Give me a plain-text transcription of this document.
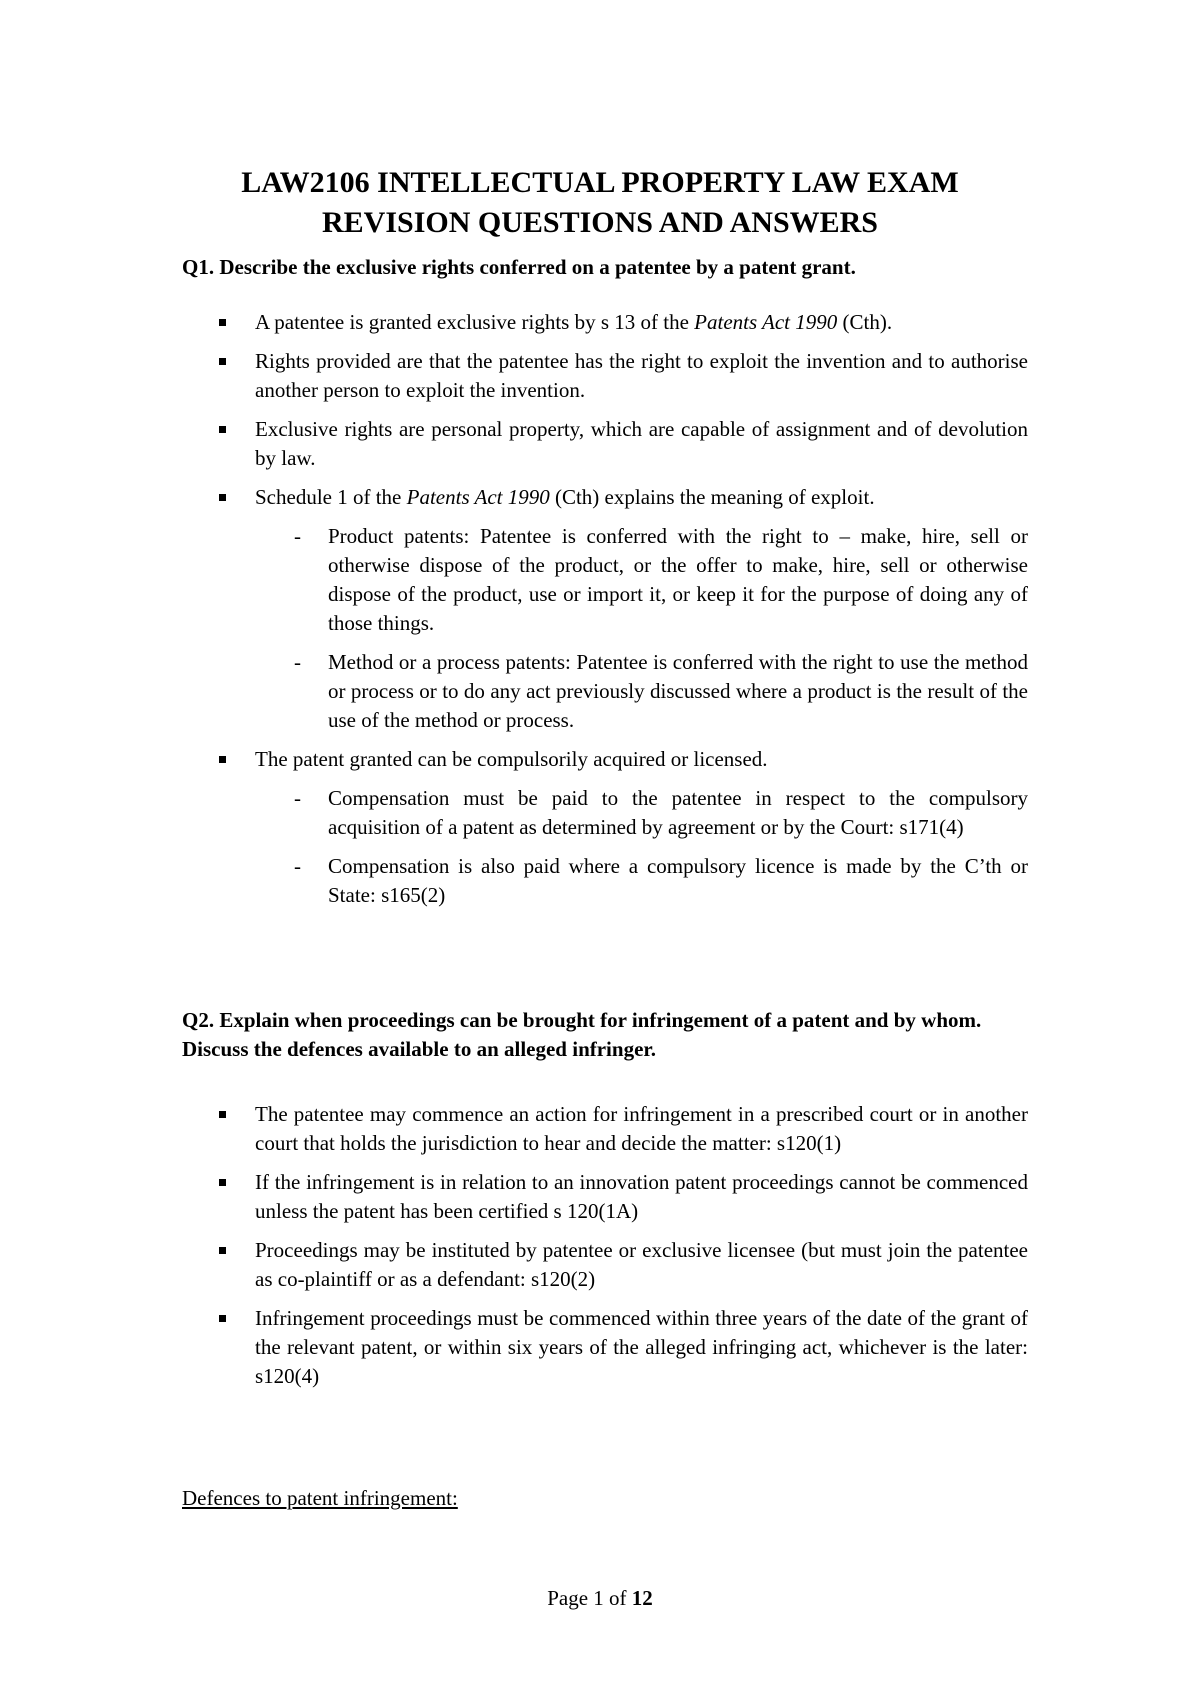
LAW2106 INTELLECTUAL PROPERTY LAW EXAM
REVISION QUESTIONS AND ANSWERS

Q1. Describe the exclusive rights conferred on a patentee by a patent grant.

A patentee is granted exclusive rights by s 13 of the Patents Act 1990 (Cth).
Rights provided are that the patentee has the right to exploit the invention and to authorise another person to exploit the invention.
Exclusive rights are personal property, which are capable of assignment and of devolution by law.
Schedule 1 of the Patents Act 1990 (Cth) explains the meaning of exploit.
- Product patents: Patentee is conferred with the right to – make, hire, sell or otherwise dispose of the product, or the offer to make, hire, sell or otherwise dispose of the product, use or import it, or keep it for the purpose of doing any of those things.
- Method or a process patents: Patentee is conferred with the right to use the method or process or to do any act previously discussed where a product is the result of the use of the method or process.
The patent granted can be compulsorily acquired or licensed.
- Compensation must be paid to the patentee in respect to the compulsory acquisition of a patent as determined by agreement or by the Court: s171(4)
- Compensation is also paid where a compulsory licence is made by the C’th or State: s165(2)

Q2. Explain when proceedings can be brought for infringement of a patent and by whom. Discuss the defences available to an alleged infringer.

The patentee may commence an action for infringement in a prescribed court or in another court that holds the jurisdiction to hear and decide the matter: s120(1)
If the infringement is in relation to an innovation patent proceedings cannot be commenced unless the patent has been certified s 120(1A)
Proceedings may be instituted by patentee or exclusive licensee (but must join the patentee as co-plaintiff or as a defendant: s120(2)
Infringement proceedings must be commenced within three years of the date of the grant of the relevant patent, or within six years of the alleged infringing act, whichever is the later: s120(4)

Defences to patent infringement:

Page 1 of 12
